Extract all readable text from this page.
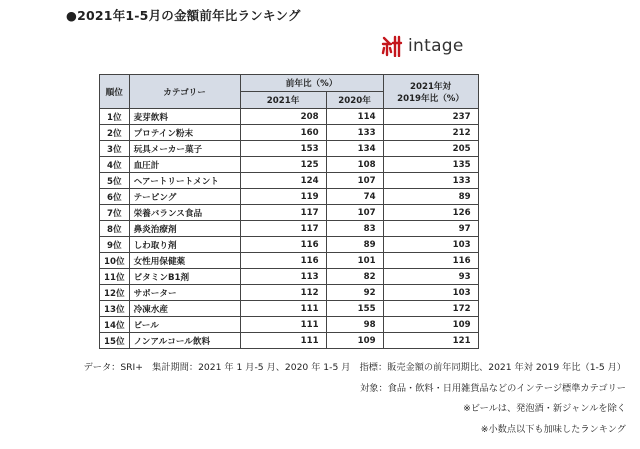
●2021年1-5月の金額前年比ランキング
intage
順位	カテゴリー	前年比（%）		2021年対
2019年比（%）

		2021年	2020年	
1位	麦芽飲料	208	114	237
2位	プロテイン粉末	160	133	212
3位	玩具メーカー菓子	153	134	205
4位	血圧計	125	108	135
5位	ヘアートリートメント	124	107	133
6位	テーピング	119	74	89
7位	栄養バランス食品	117	107	126
8位	鼻炎治療剤	117	83	97
9位	しわ取り剤	116	89	103
10位	女性用保健薬	116	101	116
11位	ビタミンB1剤	113	82	93
12位	サポーター	112	92	103
13位	冷凍水産	111	155	172
14位	ビール	111	98	109
15位	ノンアルコール飲料	111	109	121
データ：SRI+　集計期間：2021 年 1 月-5 月、2020 年 1-5 月　指標：販売金額の前年同期比、2021 年対 2019 年比（1-5 月）
対象：食品・飲料・日用雑貨品などのインテージ標準カテゴリー
※ビールは、発泡酒・新ジャンルを除く
※小数点以下も加味したランキング
